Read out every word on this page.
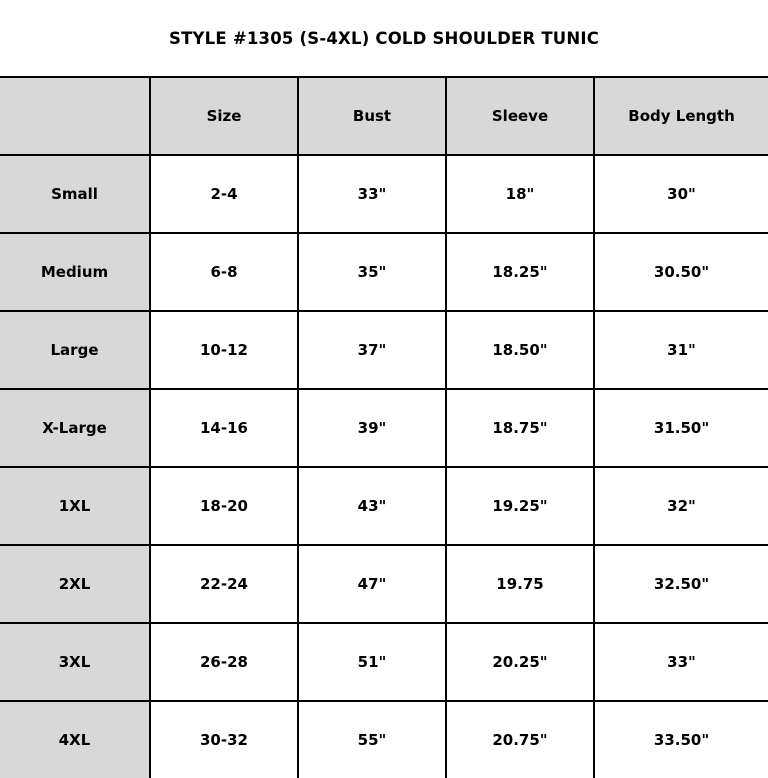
STYLE #1305 (S-4XL) COLD SHOULDER TUNIC				
	Size	Bust	Sleeve	Body Length
Small	2-4	33"	18"	30"
Medium	6-8	35"	18.25"	30.50"
Large	10-12	37"	18.50"	31"
X-Large	14-16	39"	18.75"	31.50"
1XL	18-20	43"	19.25"	32"
2XL	22-24	47"	19.75	32.50"
3XL	26-28	51"	20.25"	33"
4XL	30-32	55"	20.75"	33.50"
